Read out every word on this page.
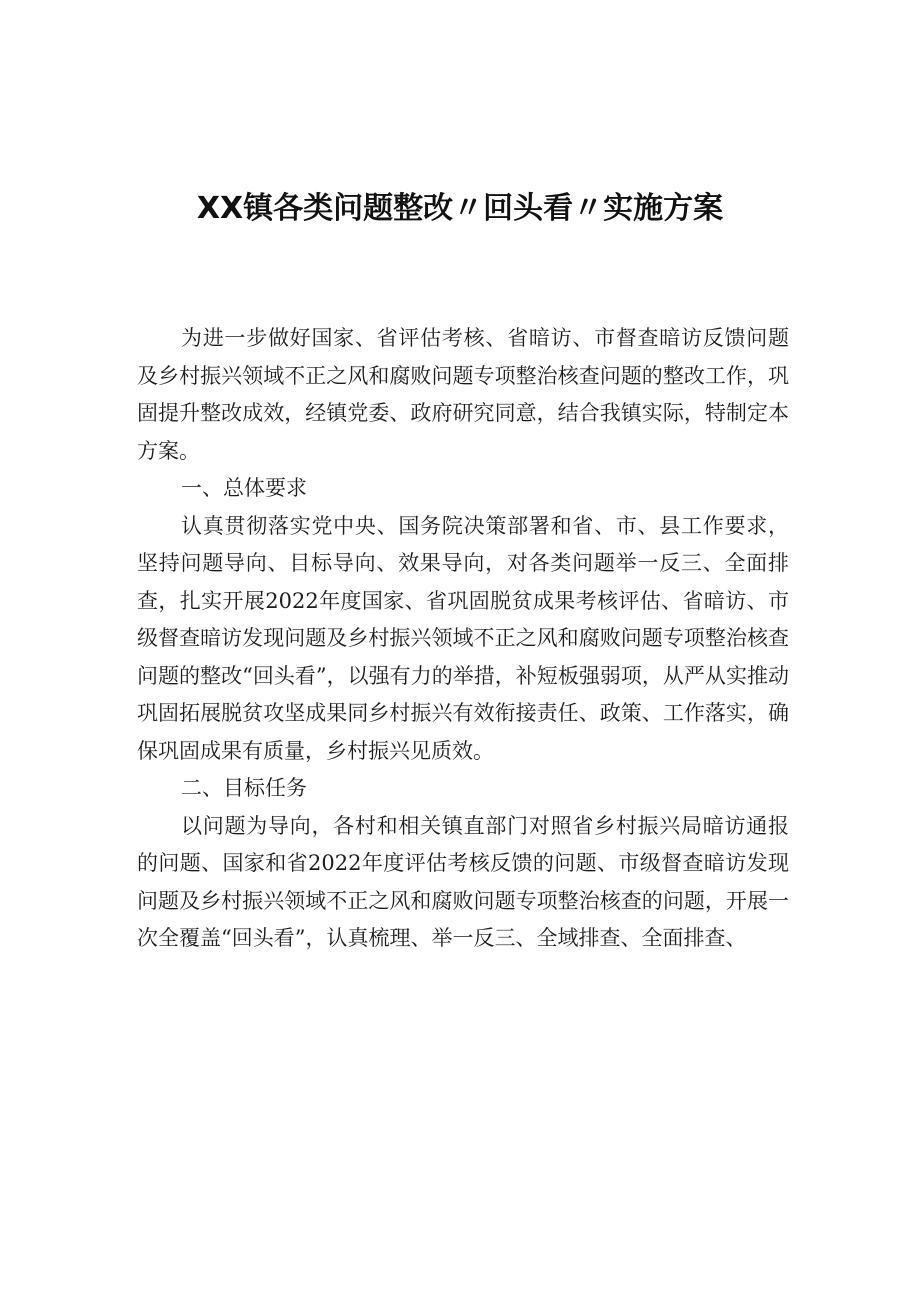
XX镇各类问题整改〃回头看〃实施方案

为进一步做好国家、省评估考核、省暗访、市督查暗访反馈问题及乡村振兴领域不正之风和腐败问题专项整治核查问题的整改工作，巩固提升整改成效，经镇党委、政府研究同意，结合我镇实际，特制定本方案。

一、总体要求

认真贯彻落实党中央、国务院决策部署和省、市、县工作要求，坚持问题导向、目标导向、效果导向，对各类问题举一反三、全面排查，扎实开展2022年度国家、省巩固脱贫成果考核评估、省暗访、市级督查暗访发现问题及乡村振兴领域不正之风和腐败问题专项整治核查问题的整改“回头看”，以强有力的举措，补短板强弱项，从严从实推动巩固拓展脱贫攻坚成果同乡村振兴有效衔接责任、政策、工作落实，确保巩固成果有质量，乡村振兴见质效。

二、目标任务

以问题为导向，各村和相关镇直部门对照省乡村振兴局暗访通报的问题、国家和省2022年度评估考核反馈的问题、市级督查暗访发现问题及乡村振兴领域不正之风和腐败问题专项整治核查的问题，开展一次全覆盖“回头看”，认真梳理、举一反三、全域排查、全面排查、
